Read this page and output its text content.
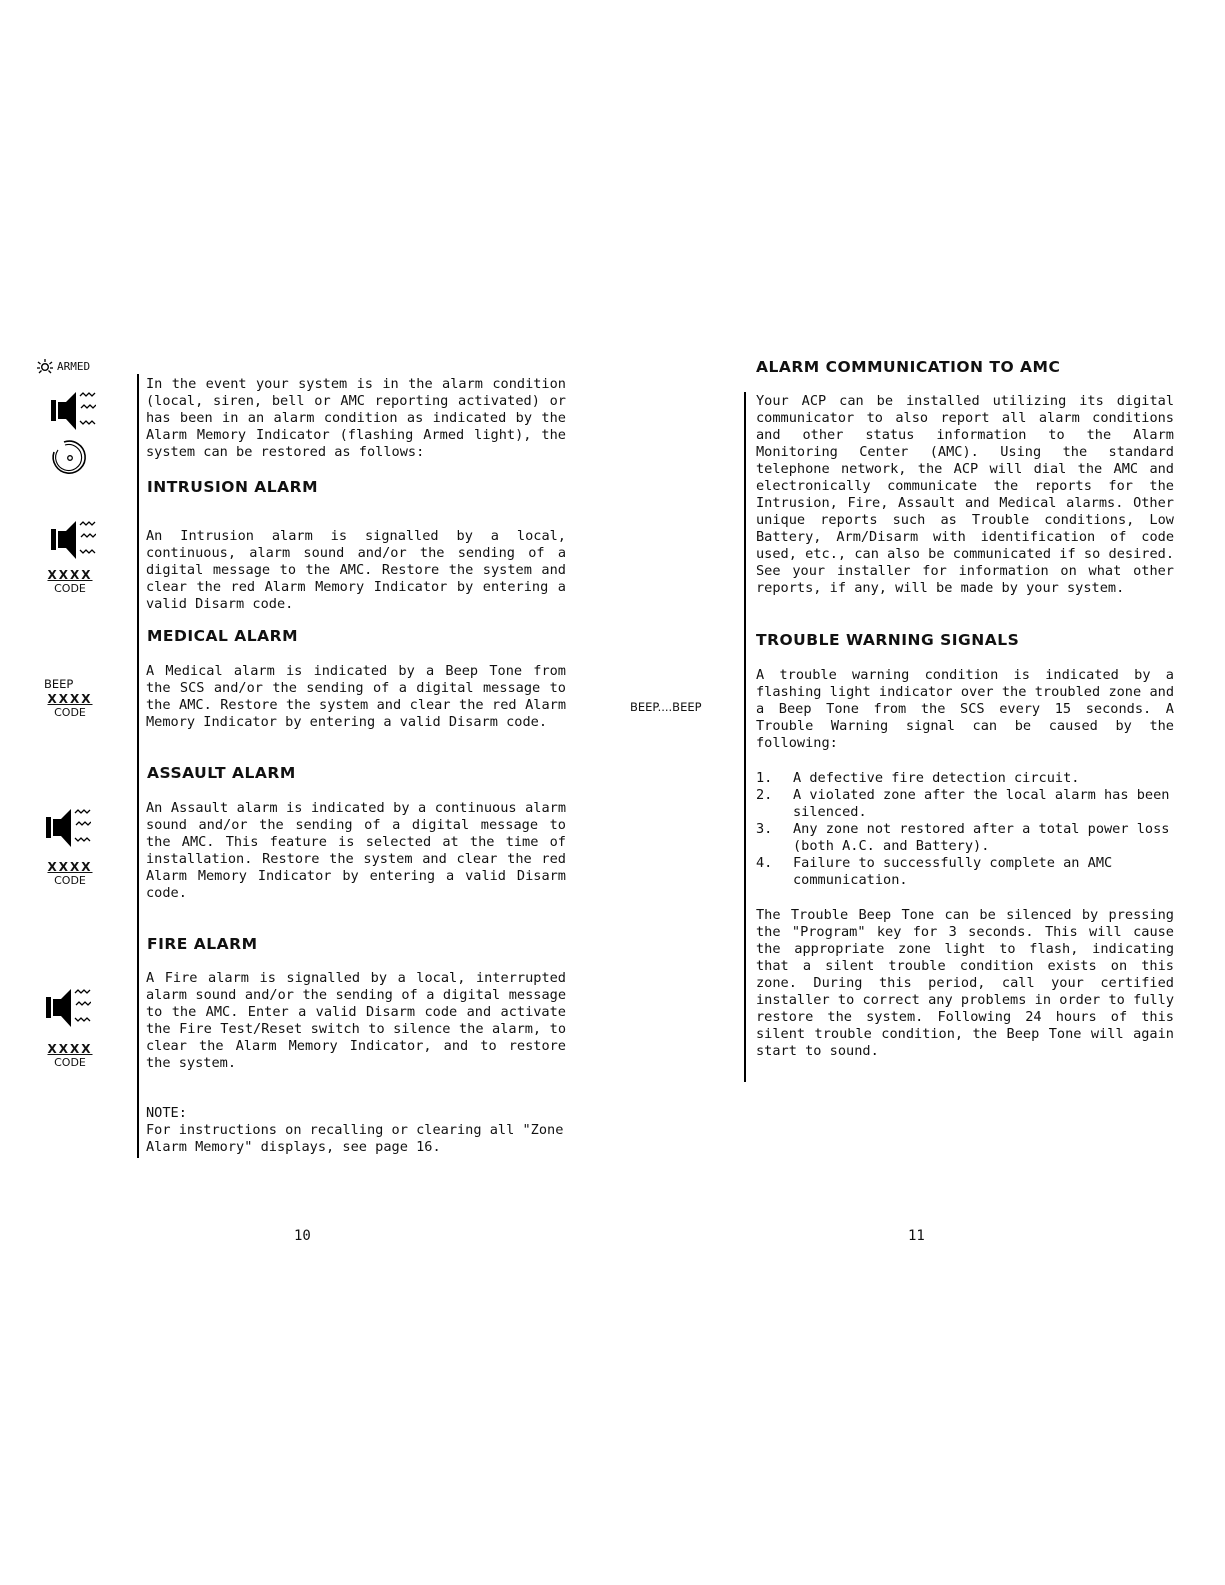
ARMED
XXXX
CODE
BEEP
XXXX
CODE
XXXX
CODE
XXXX
CODE

In the event your system is in the alarm condition (local, siren, bell or AMC reporting activated) or has been in an alarm condition as indicated by the Alarm Memory Indicator (flashing Armed light), the system can be restored as follows:

INTRUSION ALARM

An Intrusion alarm is signalled by a local, continuous, alarm sound and/or the sending of a digital message to the AMC. Restore the system and clear the red Alarm Memory Indicator by entering a valid Disarm code.

MEDICAL ALARM

A Medical alarm is indicated by a Beep Tone from the SCS and/or the sending of a digital message to the AMC. Restore the system and clear the red Alarm Memory Indicator by entering a valid Disarm code.

ASSAULT ALARM

An Assault alarm is indicated by a continuous alarm sound and/or the sending of a digital message to the AMC. This feature is selected at the time of installation. Restore the system and clear the red Alarm Memory Indicator by entering a valid Disarm code.

FIRE ALARM

A Fire alarm is signalled by a local, interrupted alarm sound and/or the sending of a digital message to the AMC. Enter a valid Disarm code and activate the Fire Test/Reset switch to silence the alarm, to clear the Alarm Memory Indicator, and to restore the system.

NOTE:

For instructions on recalling or clearing all "Zone Alarm Memory" displays, see page 16.

10
ALARM COMMUNICATION TO AMC

Your ACP can be installed utilizing its digital communicator to also report all alarm conditions and other status information to the Alarm Monitoring Center (AMC). Using the standard telephone network, the ACP will dial the AMC and electronically communicate the reports for the Intrusion, Fire, Assault and Medical alarms. Other unique reports such as Trouble conditions, Low Battery, Arm/Disarm with identification of code used, etc., can also be communicated if so desired. See your installer for information on what other reports, if any, will be made by your system.

TROUBLE WARNING SIGNALS
BEEP....BEEP

A trouble warning condition is indicated by a flashing light indicator over the troubled zone and a Beep Tone from the SCS every 15 seconds. A Trouble Warning signal can be caused by the following:

1. A defective fire detection circuit.
2. A violated zone after the local alarm has been silenced.
3. Any zone not restored after a total power loss (both A.C. and Battery).
4. Failure to successfully complete an AMC communication.

The Trouble Beep Tone can be silenced by pressing the "Program" key for 3 seconds. This will cause the appropriate zone light to flash, indicating that a silent trouble condition exists on this zone. During this period, call your certified installer to correct any problems in order to fully restore the system. Following 24 hours of this silent trouble condition, the Beep Tone will again start to sound.

11
